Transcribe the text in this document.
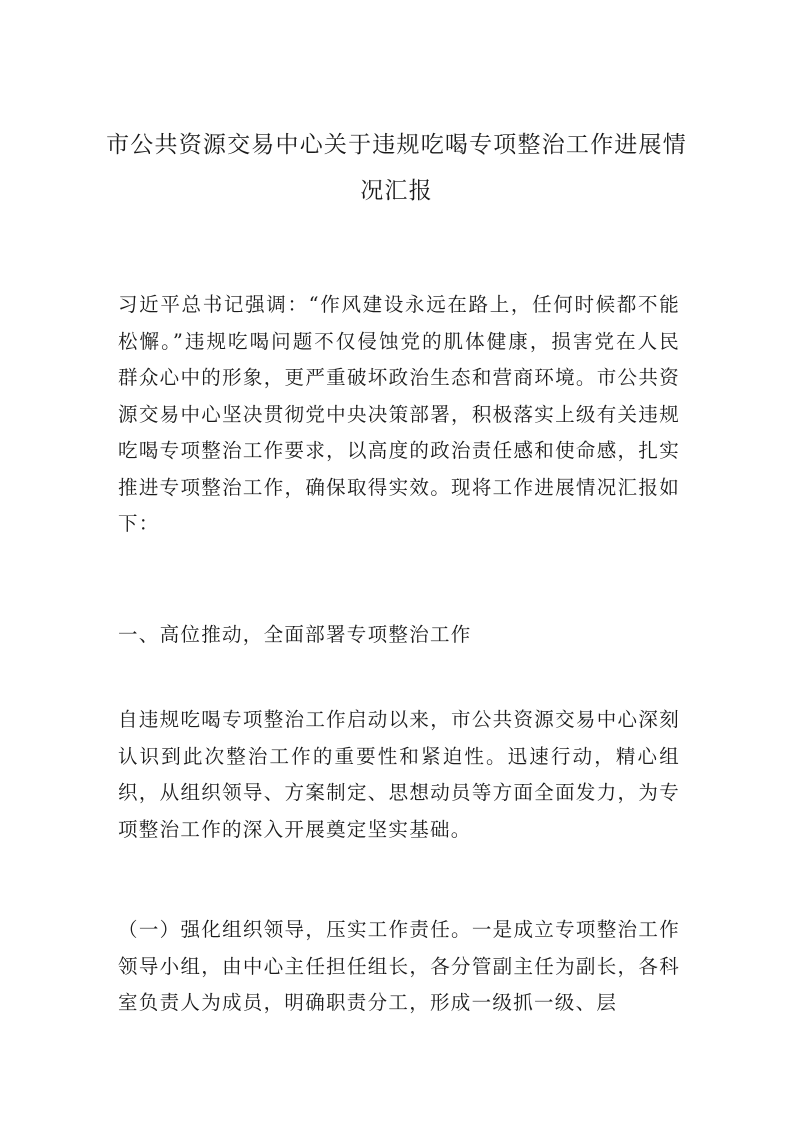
市公共资源交易中心关于违规吃喝专项整治工作进展情况汇报

习近平总书记强调：“作风建设永远在路上，任何时候都不能松懈。”违规吃喝问题不仅侵蚀党的肌体健康，损害党在人民群众心中的形象，更严重破坏政治生态和营商环境。市公共资源交易中心坚决贯彻党中央决策部署，积极落实上级有关违规吃喝专项整治工作要求，以高度的政治责任感和使命感，扎实推进专项整治工作，确保取得实效。现将工作进展情况汇报如下：

一、高位推动，全面部署专项整治工作

自违规吃喝专项整治工作启动以来，市公共资源交易中心深刻认识到此次整治工作的重要性和紧迫性。迅速行动，精心组织，从组织领导、方案制定、思想动员等方面全面发力，为专项整治工作的深入开展奠定坚实基础。

（一）强化组织领导，压实工作责任。一是成立专项整治工作领导小组，由中心主任担任组长，各分管副主任为副长，各科室负责人为成员，明确职责分工，形成一级抓一级、层
